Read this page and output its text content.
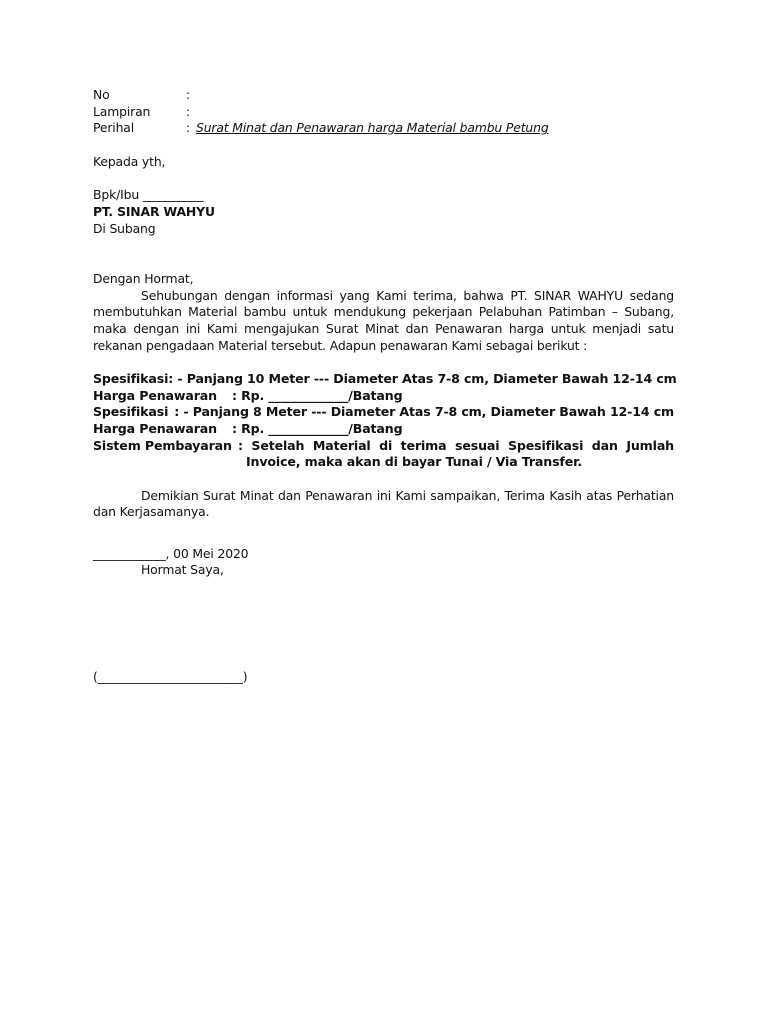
No	:
Lampiran	:
Perihal	: Surat Minat dan Penawaran harga Material bambu Petung
Kepada yth,
Bpk/Ibu __________
PT. SINAR WAHYU
Di Subang
Dengan Hormat,
Sehubungan dengan informasi yang Kami terima, bahwa PT. SINAR WAHYU sedang membutuhkan Material bambu untuk mendukung pekerjaan Pelabuhan Patimban – Subang, maka dengan ini Kami mengajukan Surat Minat dan Penawaran harga untuk menjadi satu rekanan pengadaan Material tersebut. Adapun penawaran Kami sebagai berikut :
Spesifikasi : - Panjang 10 Meter --- Diameter Atas 7-8 cm, Diameter Bawah 12-14 cm
Harga Penawaran	: Rp. _____________/Batang
Spesifikasi : - Panjang 8 Meter --- Diameter Atas 7-8 cm, Diameter Bawah 12-14 cm
Harga Penawaran	: Rp. _____________/Batang
Sistem Pembayaran : Setelah Material di terima sesuai Spesifikasi dan Jumlah Invoice, maka akan di bayar Tunai / Via Transfer.
Demikian Surat Minat dan Penawaran ini Kami sampaikan, Terima Kasih atas Perhatian dan Kerjasamanya.
____________, 00 Mei 2020
Hormat Saya,
(________________________)
